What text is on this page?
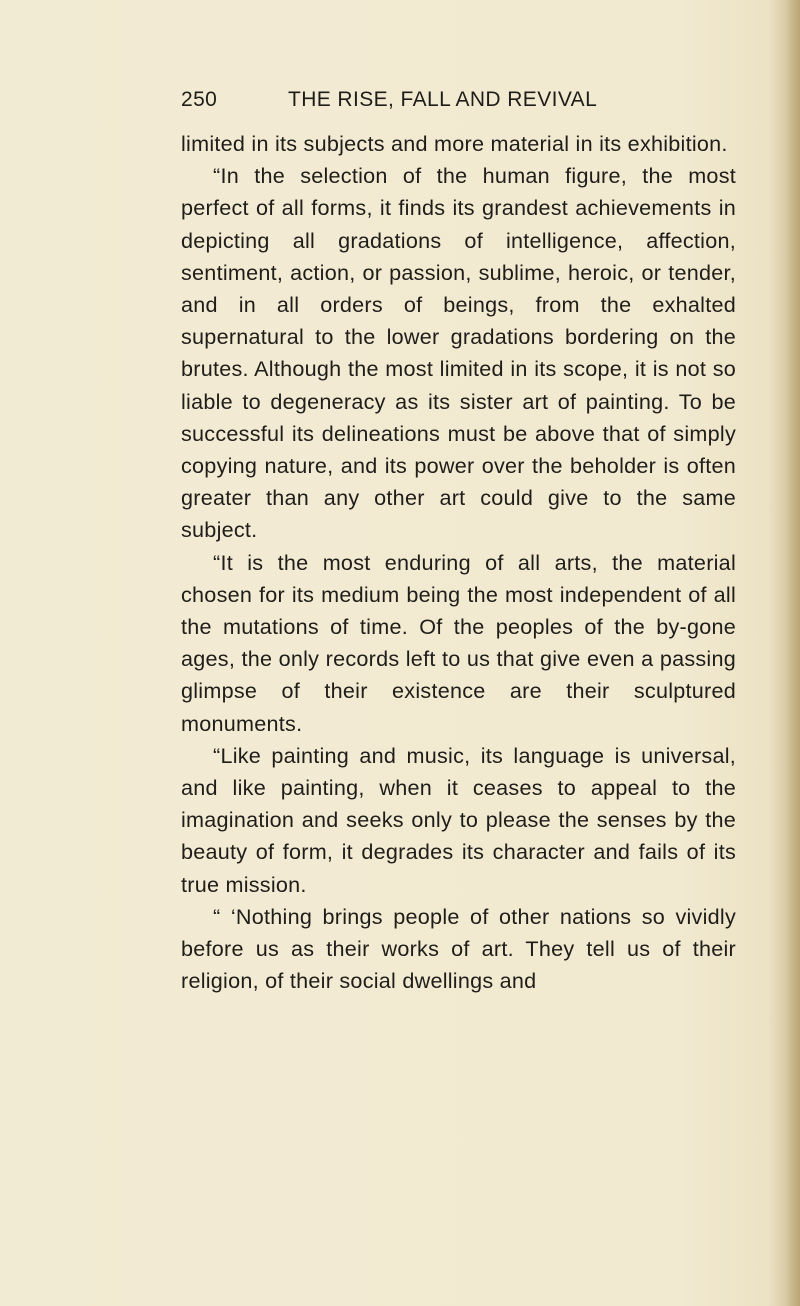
250	THE RISE, FALL AND REVIVAL

limited in its subjects and more material in its exhibition.

“In the selection of the human figure, the most perfect of all forms, it finds its grandest achievements in depicting all gradations of intelligence, affection, sentiment, action, or passion, sublime, heroic, or tender, and in all orders of beings, from the exhalted supernatural to the lower gradations bordering on the brutes. Although the most limited in its scope, it is not so liable to degeneracy as its sister art of painting. To be successful its delineations must be above that of simply copying nature, and its power over the beholder is often greater than any other art could give to the same subject.

“It is the most enduring of all arts, the material chosen for its medium being the most independent of all the mutations of time. Of the peoples of the by-gone ages, the only records left to us that give even a passing glimpse of their existence are their sculptured monuments.

“Like painting and music, its language is universal, and like painting, when it ceases to appeal to the imagination and seeks only to please the senses by the beauty of form, it degrades its character and fails of its true mission.

“ ‘Nothing brings people of other nations so vividly before us as their works of art. They tell us of their religion, of their social dwellings and
